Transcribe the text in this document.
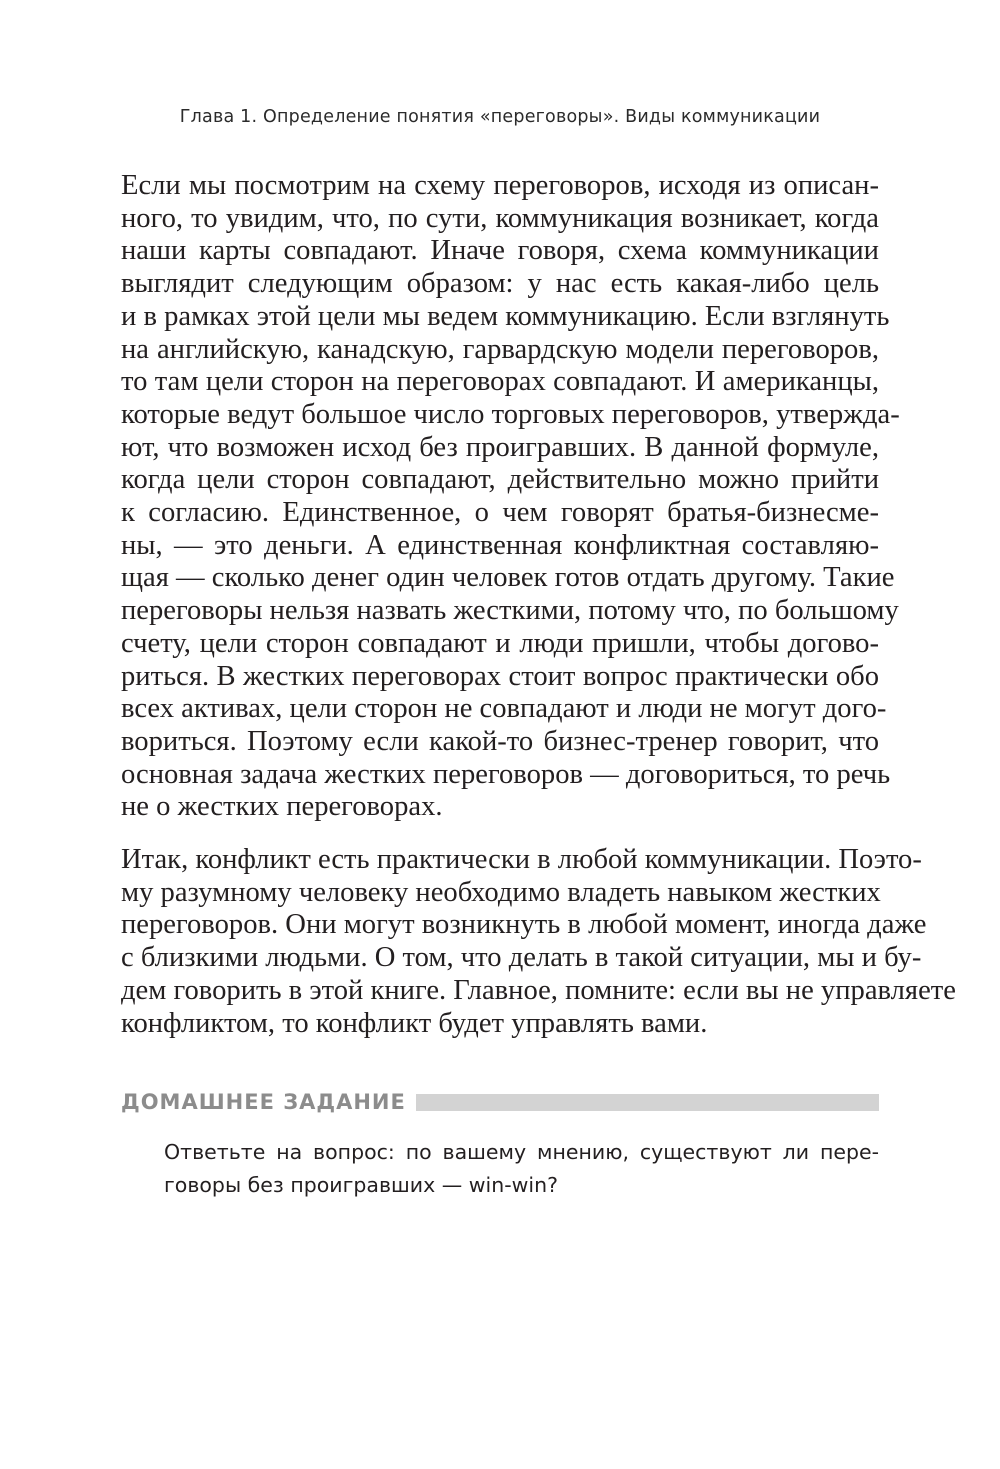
Глава 1. Определение понятия «переговоры». Виды коммуникации
Если мы посмотрим на схему переговоров, исходя из описан-
ного, то увидим, что, по сути, коммуникация возникает, когда
наши карты совпадают. Иначе говоря, схема коммуникации
выглядит следующим образом: у нас есть какая-либо цель
и в рамках этой цели мы ведем коммуникацию. Если взглянуть
на английскую, канадскую, гарвардскую модели переговоров,
то там цели сторон на переговорах совпадают. И американцы,
которые ведут большое число торговых переговоров, утвержда-
ют, что возможен исход без проигравших. В данной формуле,
когда цели сторон совпадают, действительно можно прийти
к согласию. Единственное, о чем говорят братья-бизнесме-
ны, — это деньги. А единственная конфликтная составляю-
щая — сколько денег один человек готов отдать другому. Такие
переговоры нельзя назвать жесткими, потому что, по большому
счету, цели сторон совпадают и люди пришли, чтобы догово-
риться. В жестких переговорах стоит вопрос практически обо
всех активах, цели сторон не совпадают и люди не могут дого-
вориться. Поэтому если какой-то бизнес-тренер говорит, что
основная задача жестких переговоров — договориться, то речь
не о жестких переговорах.
Итак, конфликт есть практически в любой коммуникации. Поэто-
му разумному человеку необходимо владеть навыком жестких
переговоров. Они могут возникнуть в любой момент, иногда даже
с близкими людьми. О том, что делать в такой ситуации, мы и бу-
дем говорить в этой книге. Главное, помните: если вы не управляете
конфликтом, то конфликт будет управлять вами.
ДОМАШНЕЕ ЗАДАНИЕ
Ответьте на вопрос: по вашему мнению, существуют ли пере-
говоры без проигравших — win-win?
